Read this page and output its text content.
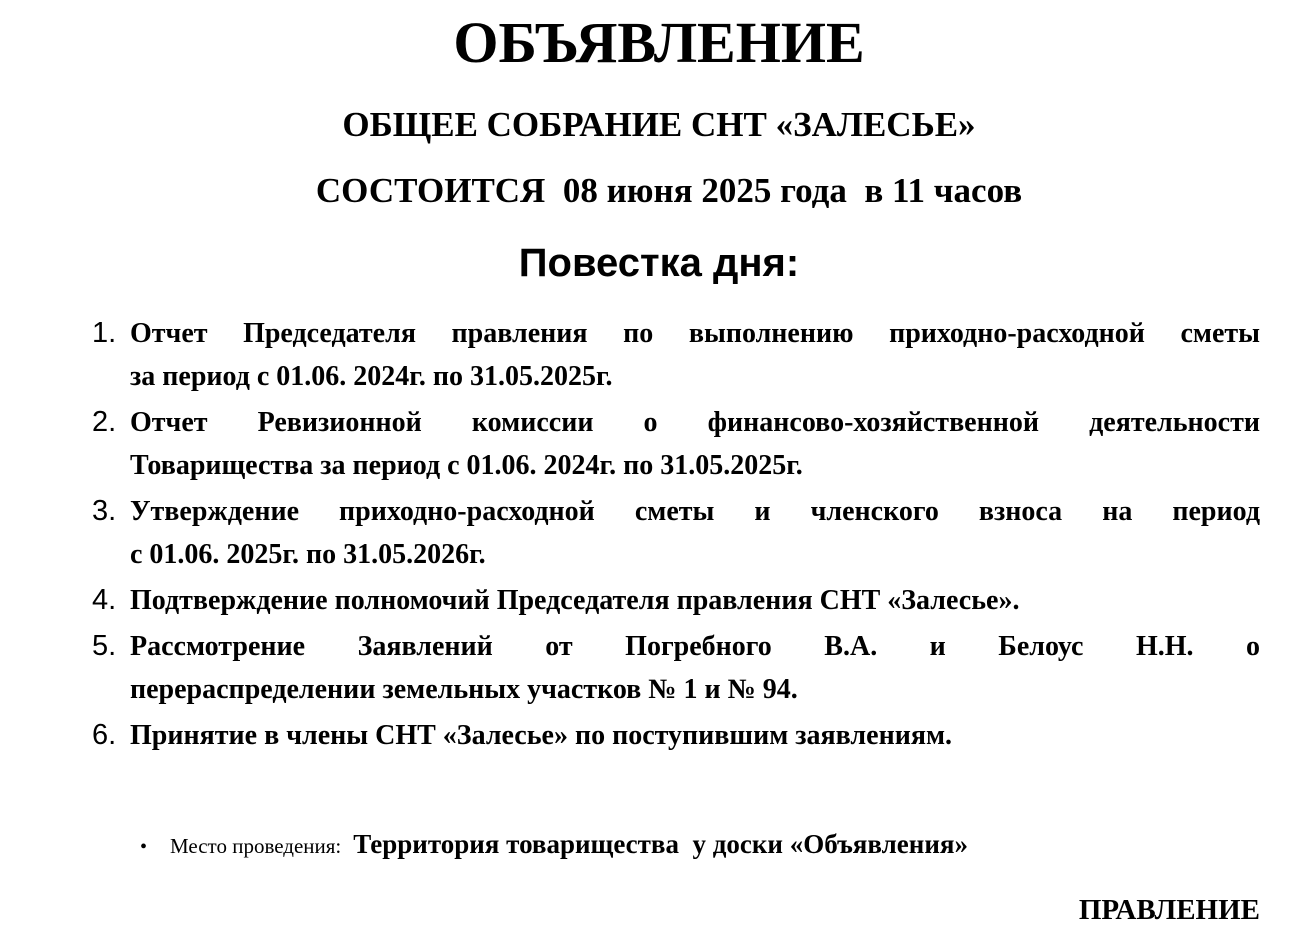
ОБЪЯВЛЕНИЕ
ОБЩЕЕ СОБРАНИЕ СНТ «ЗАЛЕСЬЕ»
СОСТОИТСЯ  08 июня 2025 года  в 11 часов
Повестка дня:
1. Отчет Председателя правления по выполнению приходно-расходной сметы
за период с 01.06. 2024г. по 31.05.2025г.
2. Отчет Ревизионной комиссии о финансово-хозяйственной деятельности
Товарищества за период с 01.06. 2024г. по 31.05.2025г.
3. Утверждение приходно-расходной сметы и членского взноса на период
с 01.06. 2025г. по 31.05.2026г.
4. Подтверждение полномочий Председателя правления СНТ «Залесье».
5. Рассмотрение Заявлений от Погребного В.А. и Белоус Н.Н. о
перераспределении земельных участков № 1 и № 94.
6. Принятие в члены СНТ «Залесье» по поступившим заявлениям.
• Место проведения: Территория товарищества  у доски «Объявления»
ПРАВЛЕНИЕ
